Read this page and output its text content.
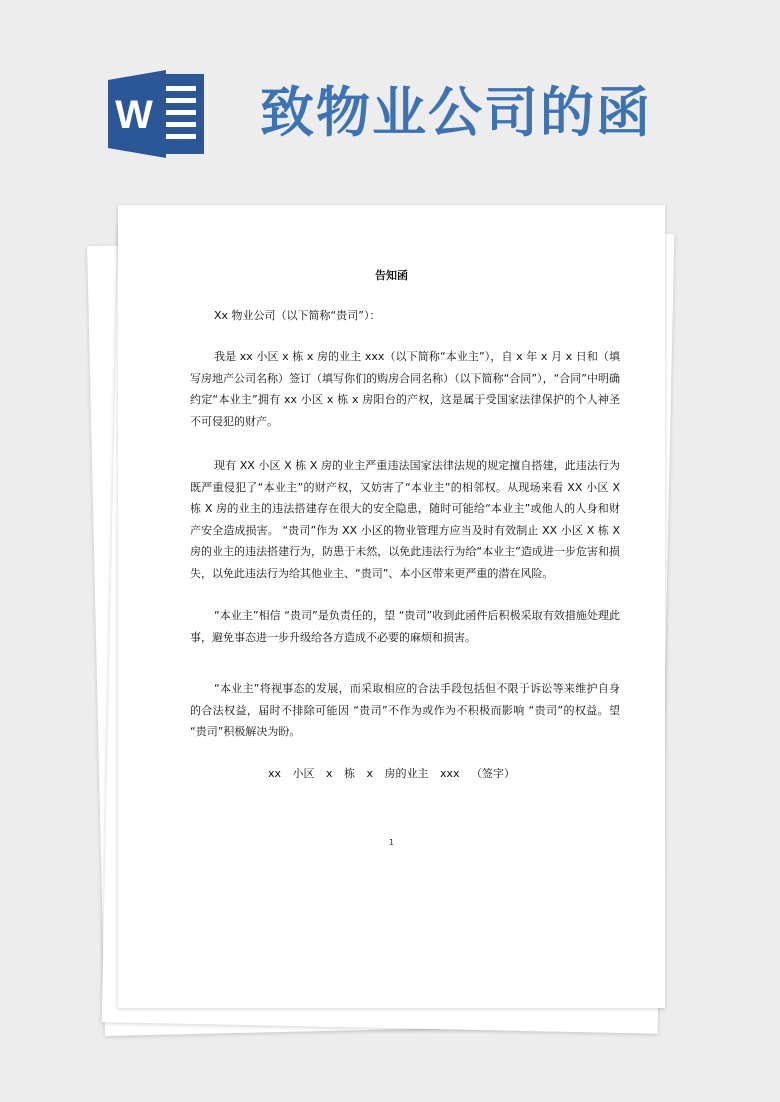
W 致物业公司的函
告知函
Xx 物业公司（以下简称“贵司”）：

我是 xx 小区 x 栋 x 房的业主 xxx（以下简称“本业主”），自 x 年 x 月 x 日和（填写房地产公司名称）签订（填写你们的购房合同名称）（以下简称“合同”），“合同”中明确约定“本业主”拥有 xx 小区 x 栋 x 房阳台的产权，这是属于受国家法律保护的个人神圣不可侵犯的财产。

现有 XX 小区 X 栋 X 房的业主严重违法国家法律法规的规定擅自搭建，此违法行为既严重侵犯了“本业主”的财产权，又妨害了“本业主”的相邻权。从现场来看 XX 小区 X 栋 X 房的业主的违法搭建存在很大的安全隐患，随时可能给“本业主”或他人的人身和财产安全造成损害。 “贵司”作为 XX 小区的物业管理方应当及时有效制止 XX 小区 X 栋 X 房的业主的违法搭建行为，防患于未然，以免此违法行为给“本业主”造成进一步危害和损失，以免此违法行为给其他业主、“贵司”、本小区带来更严重的潜在风险。

“本业主”相信 “贵司”是负责任的，望 “贵司”收到此函件后积极采取有效措施处理此事，避免事态进一步升级给各方造成不必要的麻烦和损害。

“本业主”将视事态的发展，而采取相应的合法手段包括但不限于诉讼等来维护自身的合法权益，届时不排除可能因 “贵司”不作为或作为不积极而影响 “贵司”的权益。望 “贵司”积极解决为盼。

xx 小区 x 栋 x 房的业主 xxx （签字）
1
